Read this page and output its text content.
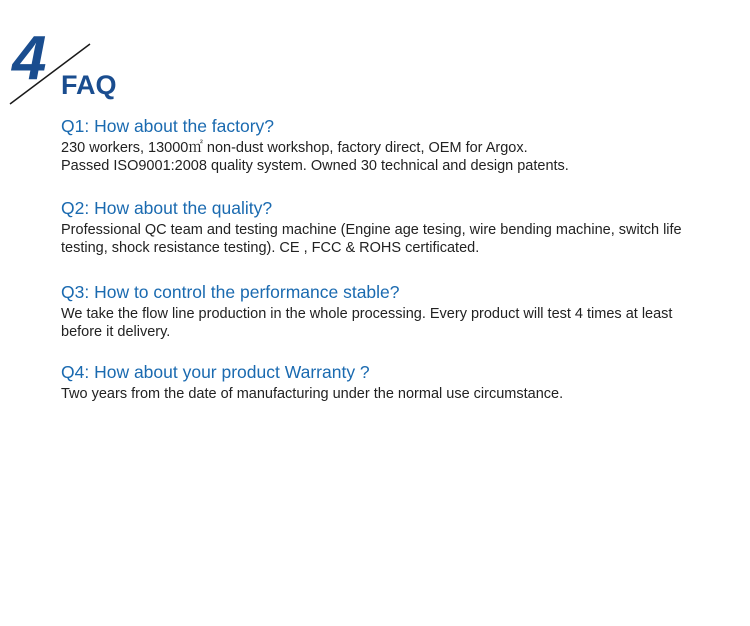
4 FAQ

Q1: How about the factory?

230 workers, 13000㎡ non-dust workshop, factory direct, OEM for Argox.

Passed ISO9001:2008 quality system. Owned 30 technical and design patents.

Q2: How about the quality?

Professional QC team and testing machine (Engine age tesing, wire bending machine, switch life

testing, shock resistance testing). CE , FCC & ROHS certificated.

Q3: How to control the performance stable?

We take the flow line production in the whole processing. Every product will test 4 times at least

before it delivery.

Q4: How about your product Warranty ?

Two years from the date of manufacturing under the normal use circumstance.
